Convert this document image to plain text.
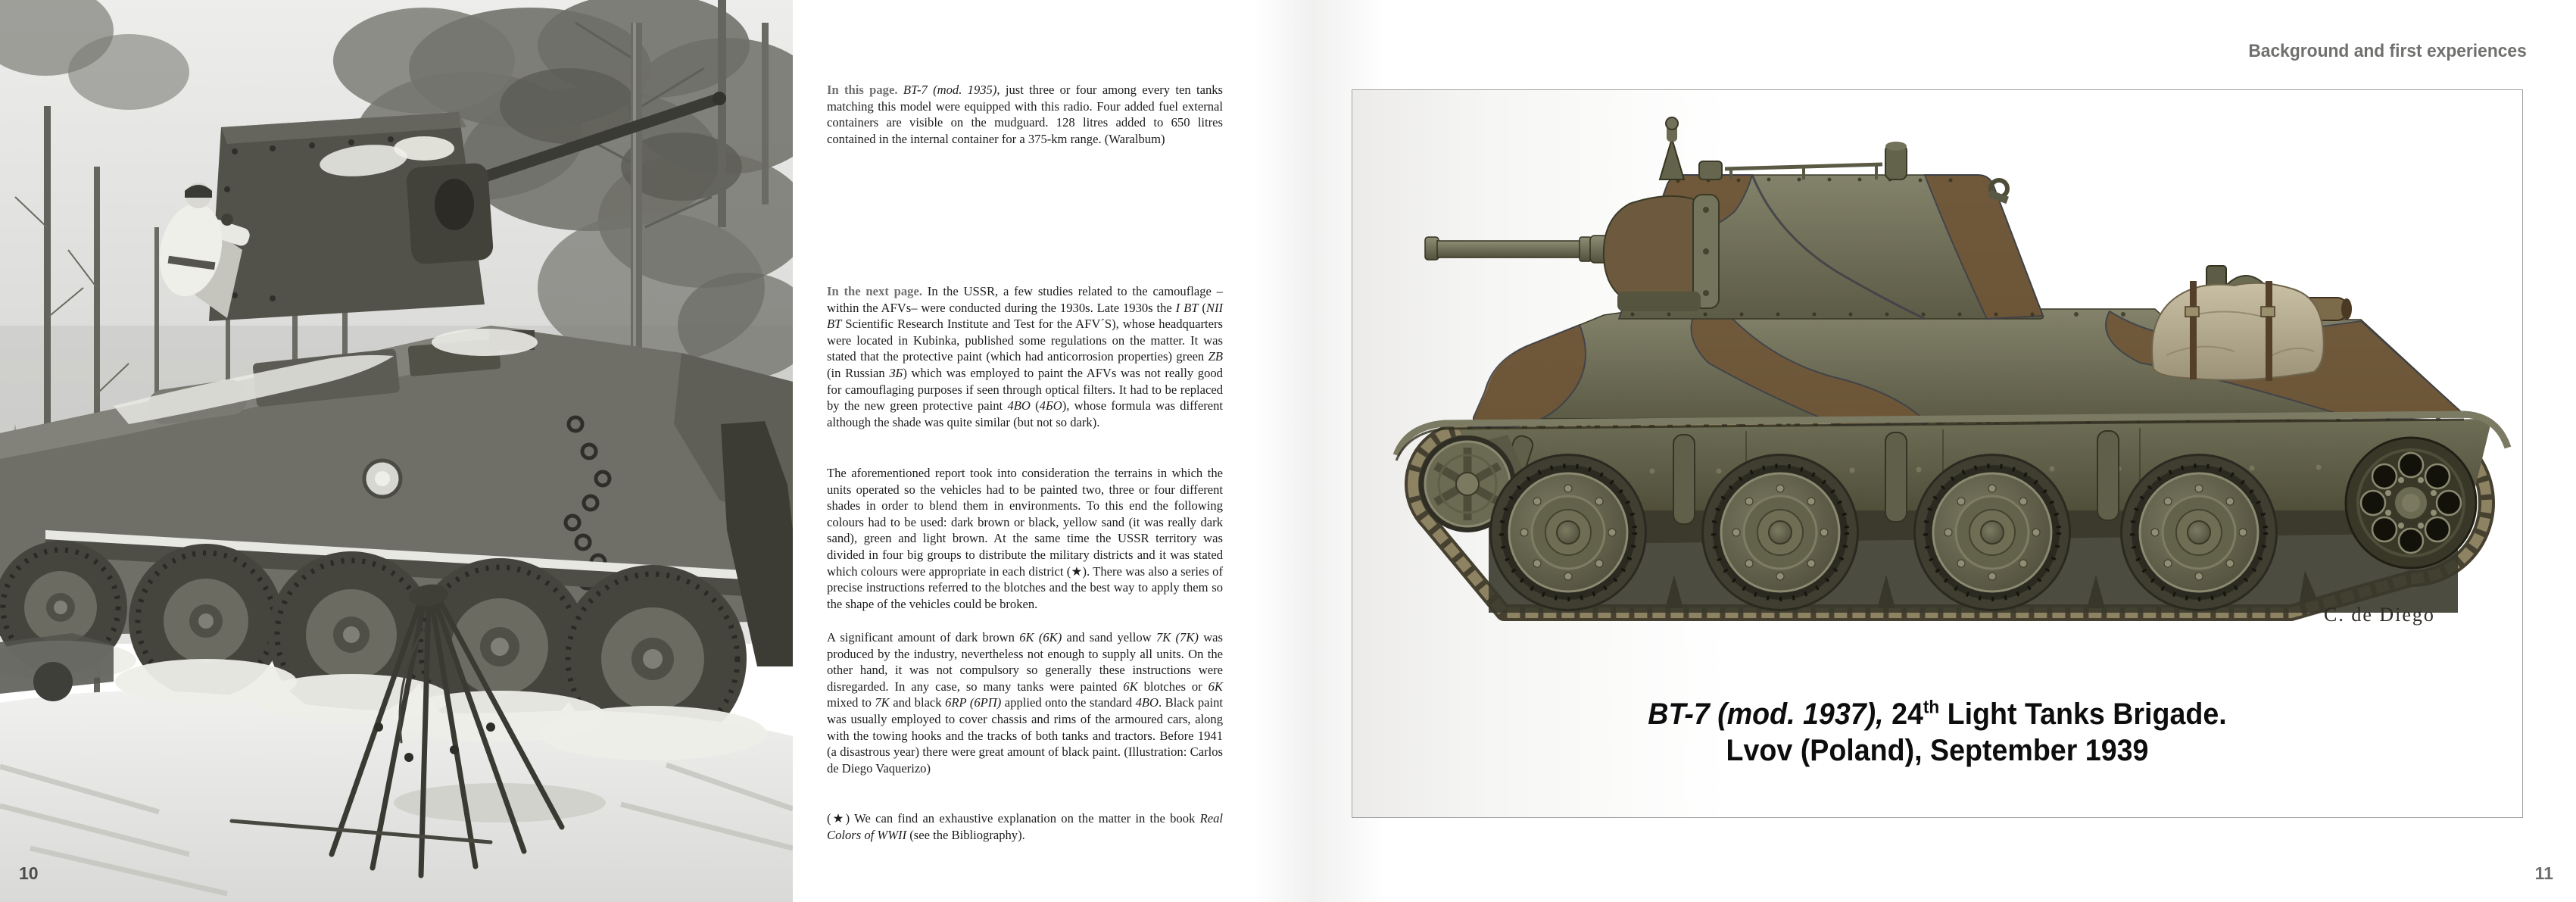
10

In this page. BT-7 (mod. 1935), just three or four among every ten tanks matching this model were equipped with this radio. Four added fuel external containers are visible on the mudguard. 128 litres added to 650 litres contained in the internal container for a 375-km range. (Waralbum)

In the next page. In the USSR, a few studies related to the camouflage –within the AFVs– were conducted during the 1930s. Late 1930s the I BT (NII BT Scientific Research Institute and Test for the AFV´S), whose headquarters were located in Kubinka, published some regulations on the matter. It was stated that the protective paint (which had anticorrosion properties) green ZB (in Russian ЗБ) which was employed to paint the AFVs was not really good for camouflaging purposes if seen through optical filters. It had to be replaced by the new green protective paint 4BO (4БО), whose formula was different although the shade was quite similar (but not so dark).

The aforementioned report took into consideration the terrains in which the units operated so the vehicles had to be painted two, three or four different shades in order to blend them in environments. To this end the following colours had to be used: dark brown or black, yellow sand (it was really dark sand), green and light brown. At the same time the USSR territory was divided in four big groups to distribute the military districts and it was stated which colours were appropriate in each district (★). There was also a series of precise instructions referred to the blotches and the best way to apply them so the shape of the vehicles could be broken.

A significant amount of dark brown 6K (6K) and sand yellow 7K (7K) was produced by the industry, nevertheless not enough to supply all units. On the other hand, it was not compulsory so generally these instructions were disregarded. In any case, so many tanks were painted 6K blotches or 6K mixed to 7K and black 6RP (6РП) applied onto the standard 4BO. Black paint was usually employed to cover chassis and rims of the armoured cars, along with the towing hooks and the tracks of both tanks and tractors. Before 1941 (a disastrous year) there were great amount of black paint. (Illustration: Carlos de Diego Vaquerizo)

(★) We can find an exhaustive explanation on the matter in the book Real Colors of WWII (see the Bibliography).

Background and first experiences
C. de Diego
BT-7 (mod. 1937), 24th Light Tanks Brigade.
Lvov (Poland), September 1939
11
